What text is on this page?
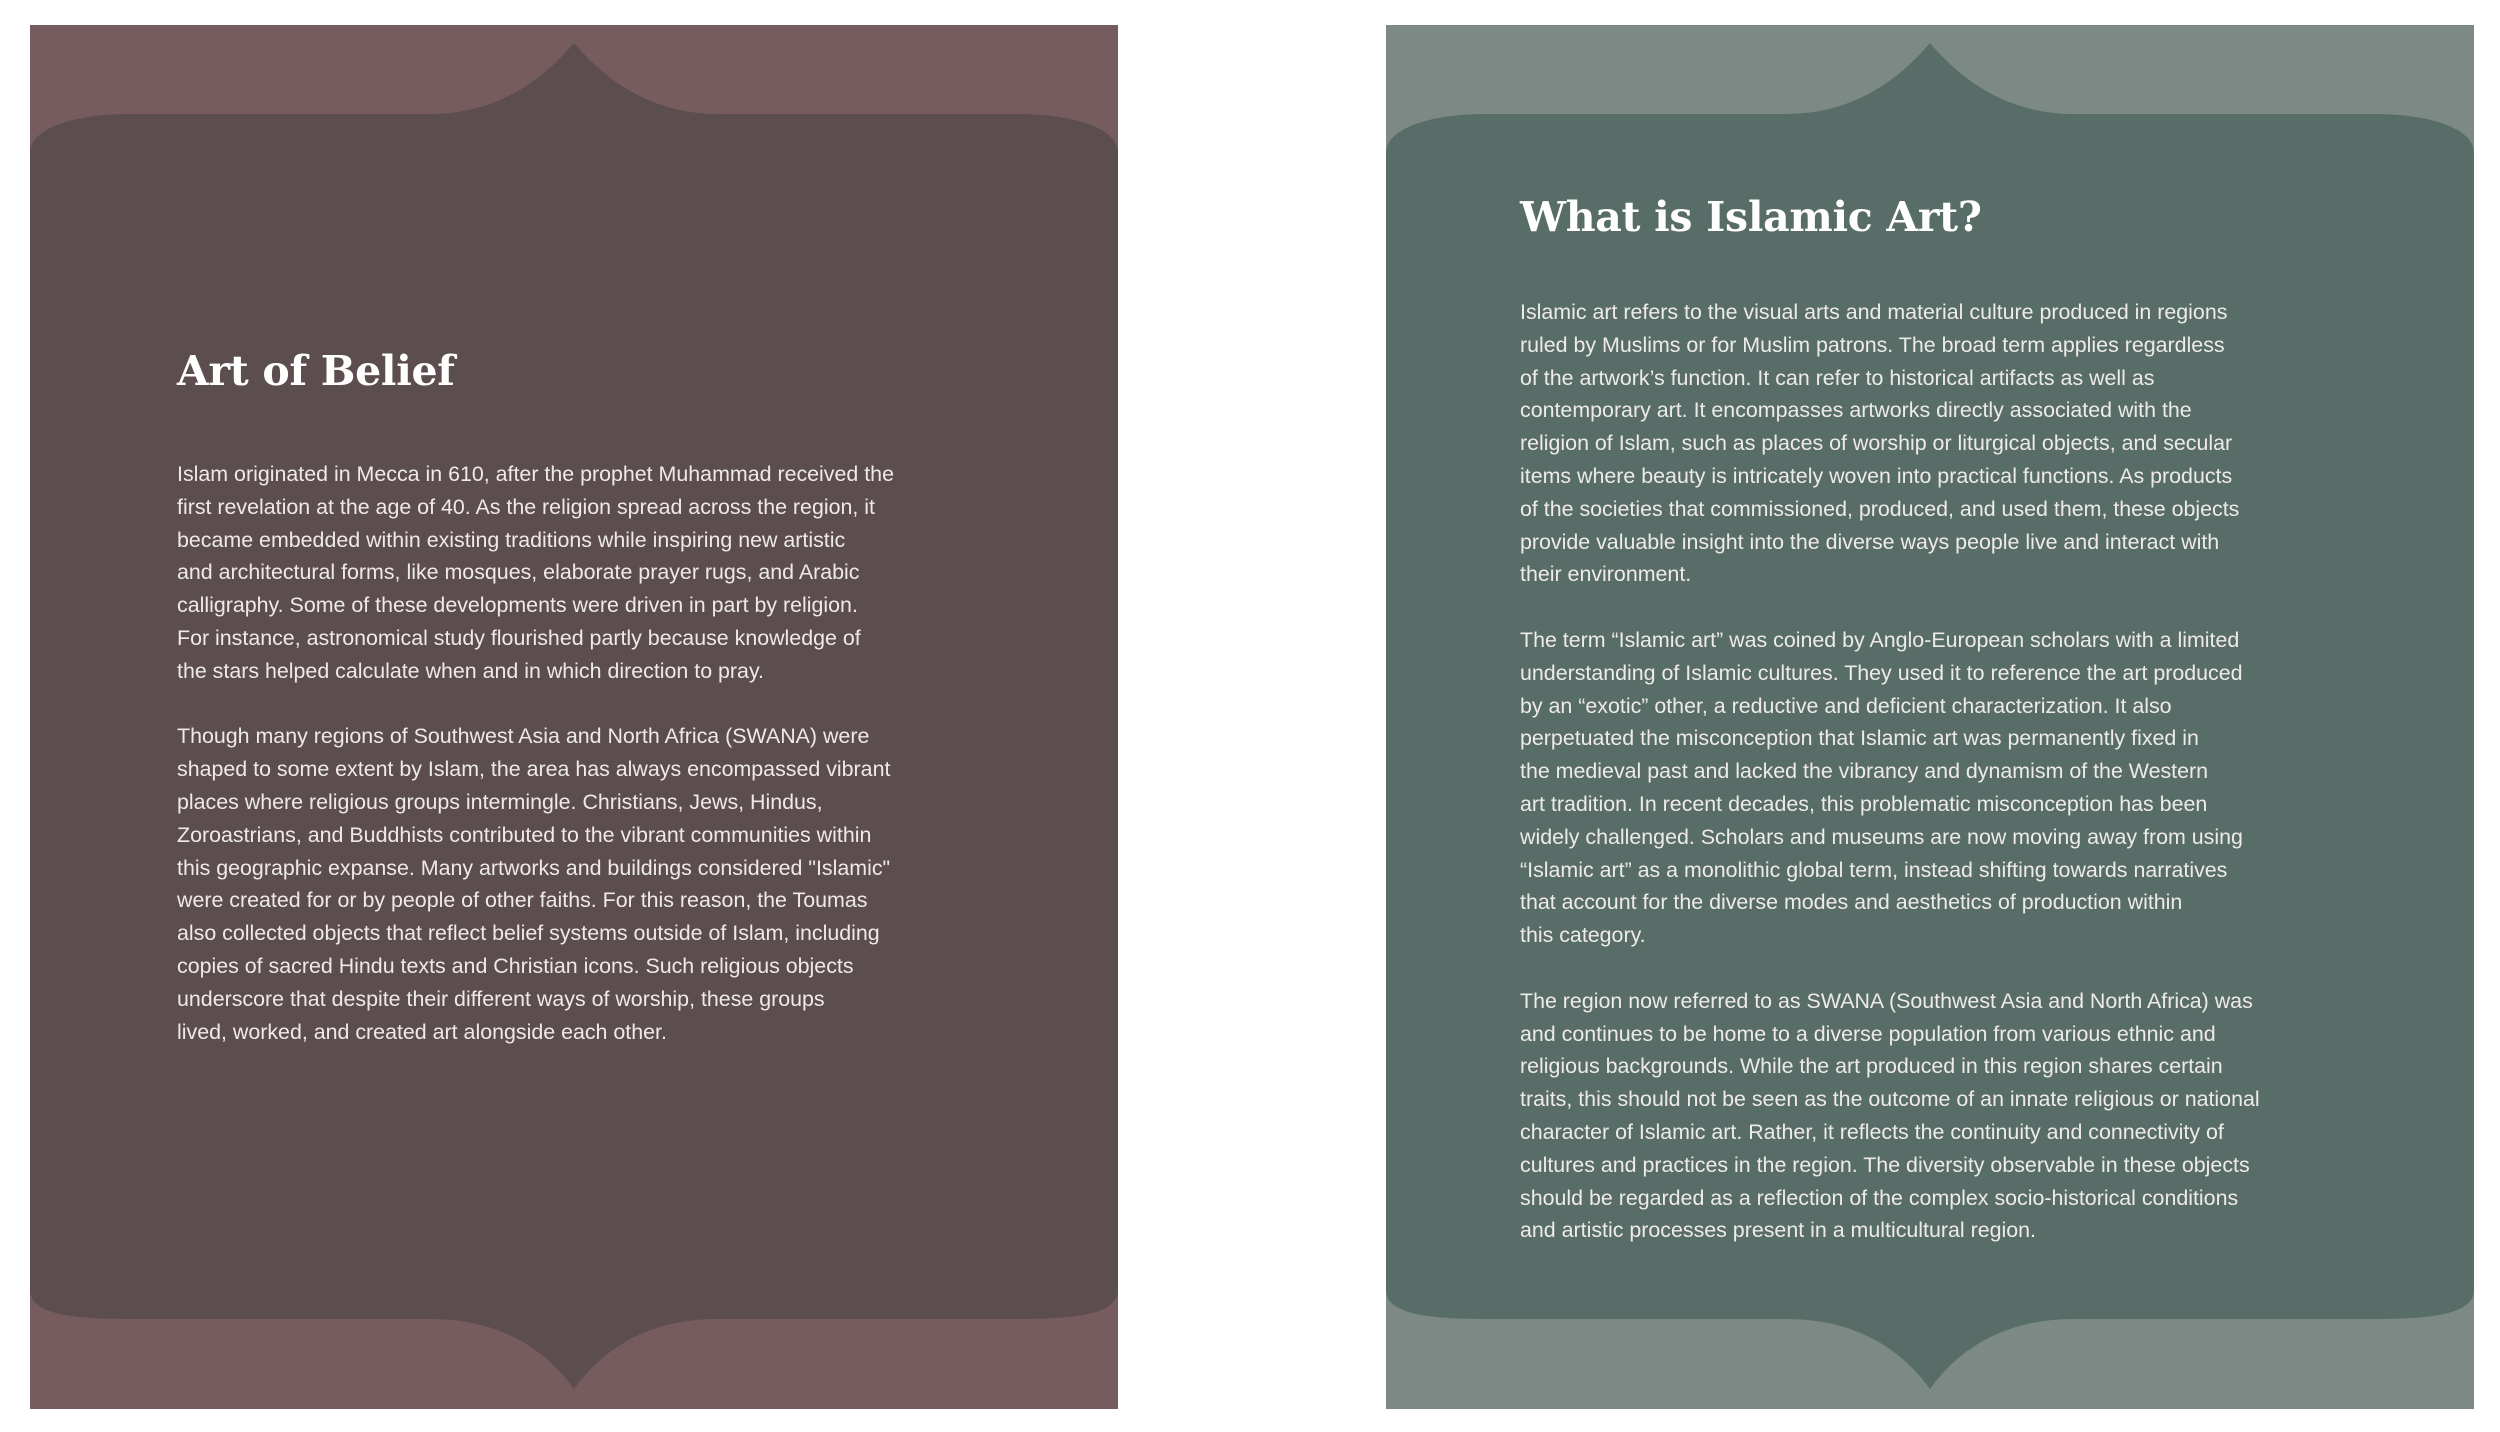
Art of Belief

Islam originated in Mecca in 610, after the prophet Muhammad received the
first revelation at the age of 40. As the religion spread across the region, it
became embedded within existing traditions while inspiring new artistic
and architectural forms, like mosques, elaborate prayer rugs, and Arabic
calligraphy. Some of these developments were driven in part by religion.
For instance, astronomical study flourished partly because knowledge of
the stars helped calculate when and in which direction to pray.

Though many regions of Southwest Asia and North Africa (SWANA) were
shaped to some extent by Islam, the area has always encompassed vibrant
places where religious groups intermingle. Christians, Jews, Hindus,
Zoroastrians, and Buddhists contributed to the vibrant communities within
this geographic expanse. Many artworks and buildings considered "Islamic"
were created for or by people of other faiths. For this reason, the Toumas
also collected objects that reflect belief systems outside of Islam, including
copies of sacred Hindu texts and Christian icons. Such religious objects
underscore that despite their different ways of worship, these groups
lived, worked, and created art alongside each other.

What is Islamic Art?

Islamic art refers to the visual arts and material culture produced in regions
ruled by Muslims or for Muslim patrons. The broad term applies regardless
of the artwork’s function. It can refer to historical artifacts as well as
contemporary art. It encompasses artworks directly associated with the
religion of Islam, such as places of worship or liturgical objects, and secular
items where beauty is intricately woven into practical functions. As products
of the societies that commissioned, produced, and used them, these objects
provide valuable insight into the diverse ways people live and interact with
their environment.

The term “Islamic art” was coined by Anglo-European scholars with a limited
understanding of Islamic cultures. They used it to reference the art produced
by an “exotic” other, a reductive and deficient characterization. It also
perpetuated the misconception that Islamic art was permanently fixed in
the medieval past and lacked the vibrancy and dynamism of the Western
art tradition. In recent decades, this problematic misconception has been
widely challenged. Scholars and museums are now moving away from using
“Islamic art” as a monolithic global term, instead shifting towards narratives
that account for the diverse modes and aesthetics of production within
this category.

The region now referred to as SWANA (Southwest Asia and North Africa) was
and continues to be home to a diverse population from various ethnic and
religious backgrounds. While the art produced in this region shares certain
traits, this should not be seen as the outcome of an innate religious or national
character of Islamic art. Rather, it reflects the continuity and connectivity of
cultures and practices in the region. The diversity observable in these objects
should be regarded as a reflection of the complex socio-historical conditions
and artistic processes present in a multicultural region.
